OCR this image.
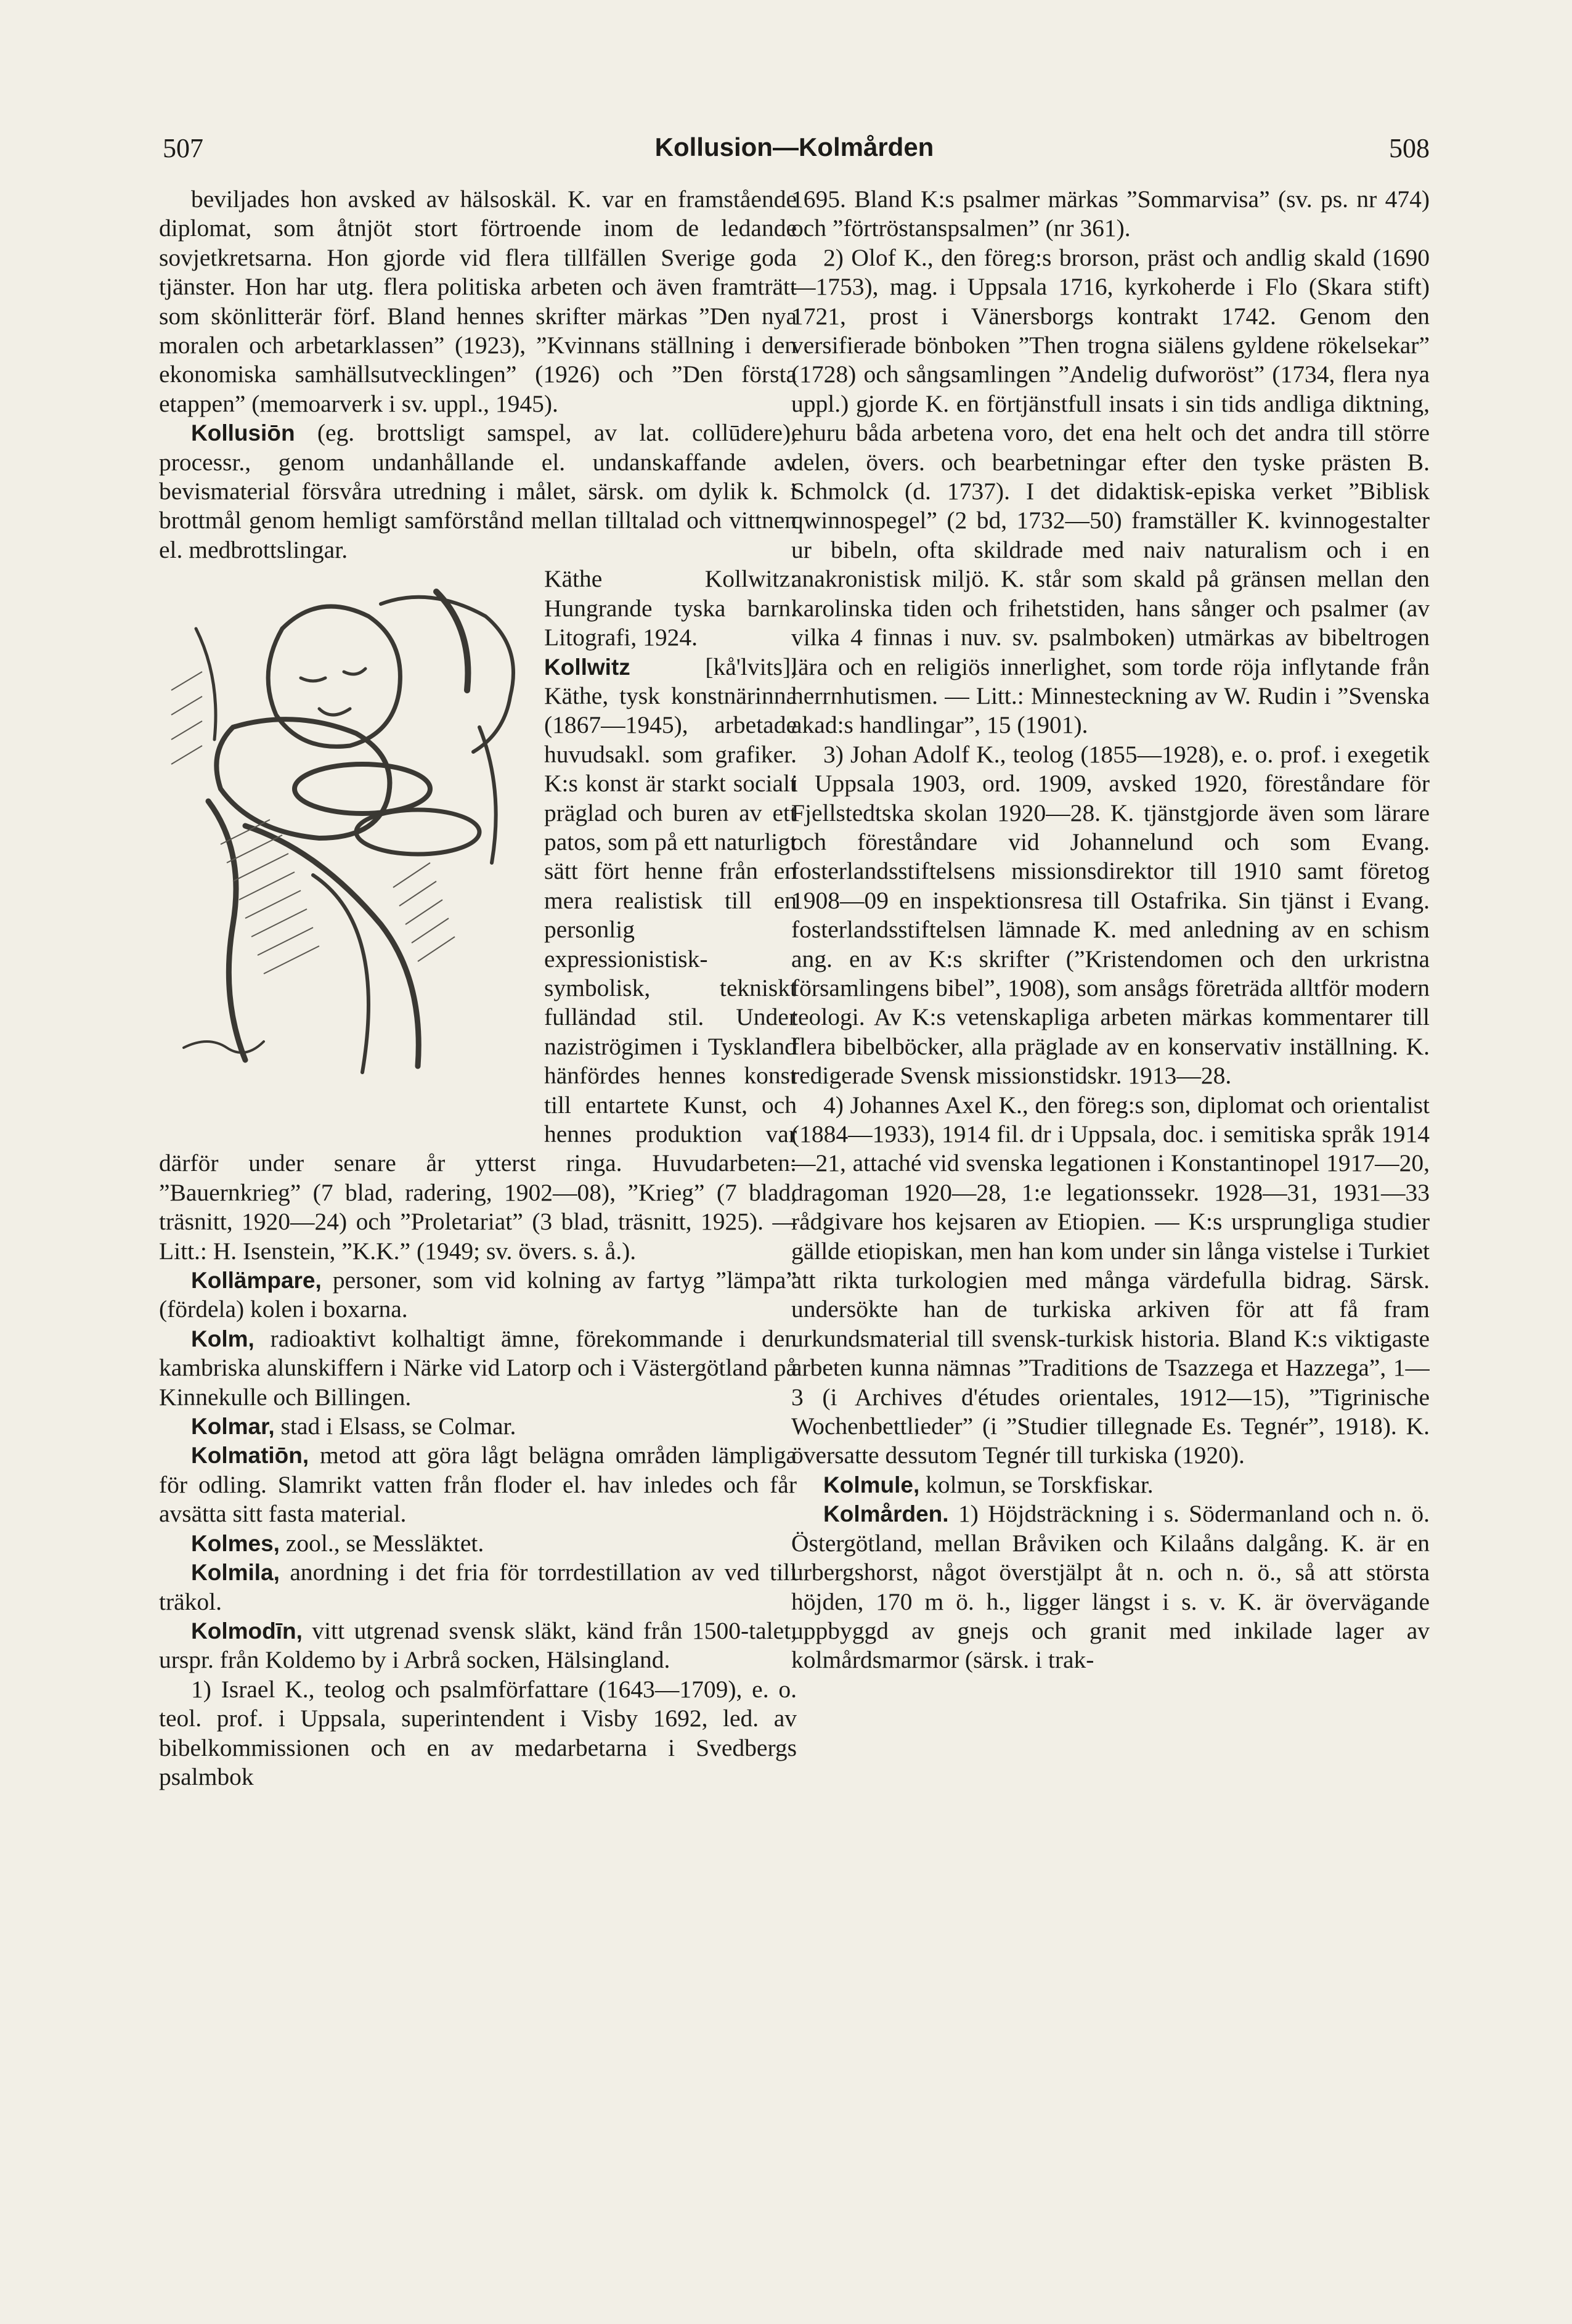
507	Kollusion—Kolmården	508

beviljades hon avsked av hälsoskäl. K. var en framstående diplomat, som åtnjöt stort förtroende inom de ledande sovjetkretsarna. Hon gjorde vid flera tillfällen Sverige goda tjänster. Hon har utg. flera politiska arbeten och även framträtt som skönlitterär förf. Bland hennes skrifter märkas ”Den nya moralen och arbetarklassen” (1923), ”Kvinnans ställning i den ekonomiska samhällsutvecklingen” (1926) och ”Den första etappen” (memoarverk i sv. uppl., 1945).

Kollusiōn (eg. brottsligt samspel, av lat. collūdere), processr., genom undanhållande el. undanskaffande av bevismaterial försvåra utredning i målet, särsk. om dylik k. i brottmål genom hemligt samförstånd mellan tilltalad och vittnen el. medbrottslingar.

Käthe Kollwitz: Hungrande tyska barn. Litografi, 1924.
Kollwitz [kå'lvits], Käthe, tysk konstnärinna (1867—1945), arbetade huvudsakl. som grafiker. K:s konst är starkt socialt präglad och buren av ett patos, som på ett naturligt sätt fört henne från en mera realistisk till en personlig expressionistisk-symbolisk, tekniskt fulländad stil. Under naziströgimen i Tyskland hänfördes hennes konst till entartete Kunst, och hennes produktion var därför under senare år ytterst ringa. Huvudarbeten: ”Bauernkrieg” (7 blad, radering, 1902—08), ”Krieg” (7 blad, träsnitt, 1920—24) och ”Proletariat” (3 blad, träsnitt, 1925). — Litt.: H. Isenstein, ”K.K.” (1949; sv. övers. s. å.).

Kollämpare, personer, som vid kolning av fartyg ”lämpa” (fördela) kolen i boxarna.

Kolm, radioaktivt kolhaltigt ämne, förekommande i den kambriska alunskiffern i Närke vid Latorp och i Västergötland på Kinnekulle och Billingen.

Kolmar, stad i Elsass, se Colmar.

Kolmatiōn, metod att göra lågt belägna områden lämpliga för odling. Slamrikt vatten från floder el. hav inledes och får avsätta sitt fasta material.

Kolmes, zool., se Messläktet.

Kolmila, anordning i det fria för torrdestillation av ved till träkol.

Kolmodīn, vitt utgrenad svensk släkt, känd från 1500-talet, urspr. från Koldemo by i Arbrå socken, Hälsingland.

1) Israel K., teolog och psalmförfattare (1643—1709), e. o. teol. prof. i Uppsala, superintendent i Visby 1692, led. av bibelkommissionen och en av medarbetarna i Svedbergs psalmbok

1695. Bland K:s psalmer märkas ”Sommarvisa” (sv. ps. nr 474) och ”förtröstanspsalmen” (nr 361).

2) Olof K., den föreg:s brorson, präst och andlig skald (1690—1753), mag. i Uppsala 1716, kyrkoherde i Flo (Skara stift) 1721, prost i Vänersborgs kontrakt 1742. Genom den versifierade bönboken ”Then trogna siälens gyldene rökelsekar” (1728) och sångsamlingen ”Andelig dufworöst” (1734, flera nya uppl.) gjorde K. en förtjänstfull insats i sin tids andliga diktning, ehuru båda arbetena voro, det ena helt och det andra till större delen, övers. och bearbetningar efter den tyske prästen B. Schmolck (d. 1737). I det didaktisk-episka verket ”Biblisk qwinnospegel” (2 bd, 1732—50) framställer K. kvinnogestalter ur bibeln, ofta skildrade med naiv naturalism och i en anakronistisk miljö. K. står som skald på gränsen mellan den karolinska tiden och frihetstiden, hans sånger och psalmer (av vilka 4 finnas i nuv. sv. psalmboken) utmärkas av bibeltrogen lära och en religiös innerlighet, som torde röja inflytande från herrnhutismen. — Litt.: Minnesteckning av W. Rudin i ”Svenska akad:s handlingar”, 15 (1901).

3) Johan Adolf K., teolog (1855—1928), e. o. prof. i exegetik i Uppsala 1903, ord. 1909, avsked 1920, föreståndare för Fjellstedtska skolan 1920—28. K. tjänstgjorde även som lärare och föreståndare vid Johannelund och som Evang. fosterlandsstiftelsens missionsdirektor till 1910 samt företog 1908—09 en inspektionsresa till Ostafrika. Sin tjänst i Evang. fosterlandsstiftelsen lämnade K. med anledning av en schism ang. en av K:s skrifter (”Kristendomen och den urkristna församlingens bibel”, 1908), som ansågs företräda alltför modern teologi. Av K:s vetenskapliga arbeten märkas kommentarer till flera bibelböcker, alla präglade av en konservativ inställning. K. redigerade Svensk missionstidskr. 1913—28.

4) Johannes Axel K., den föreg:s son, diplomat och orientalist (1884—1933), 1914 fil. dr i Uppsala, doc. i semitiska språk 1914—21, attaché vid svenska legationen i Konstantinopel 1917—20, dragoman 1920—28, 1:e legationssekr. 1928—31, 1931—33 rådgivare hos kejsaren av Etiopien. — K:s ursprungliga studier gällde etiopiskan, men han kom under sin långa vistelse i Turkiet att rikta turkologien med många värdefulla bidrag. Särsk. undersökte han de turkiska arkiven för att få fram urkundsmaterial till svensk-turkisk historia. Bland K:s viktigaste arbeten kunna nämnas ”Traditions de Tsazzega et Hazzega”, 1—3 (i Archives d'études orientales, 1912—15), ”Tigrinische Wochenbettlieder” (i ”Studier tillegnade Es. Tegnér”, 1918). K. översatte dessutom Tegnér till turkiska (1920).

Kolmule, kolmun, se Torskfiskar.

Kolmården. 1) Höjdsträckning i s. Södermanland och n. ö. Östergötland, mellan Bråviken och Kilaåns dalgång. K. är en urbergshorst, något överstjälpt åt n. och n. ö., så att största höjden, 170 m ö. h., ligger längst i s. v. K. är övervägande uppbyggd av gnejs och granit med inkilade lager av kolmårdsmarmor (särsk. i trak-
